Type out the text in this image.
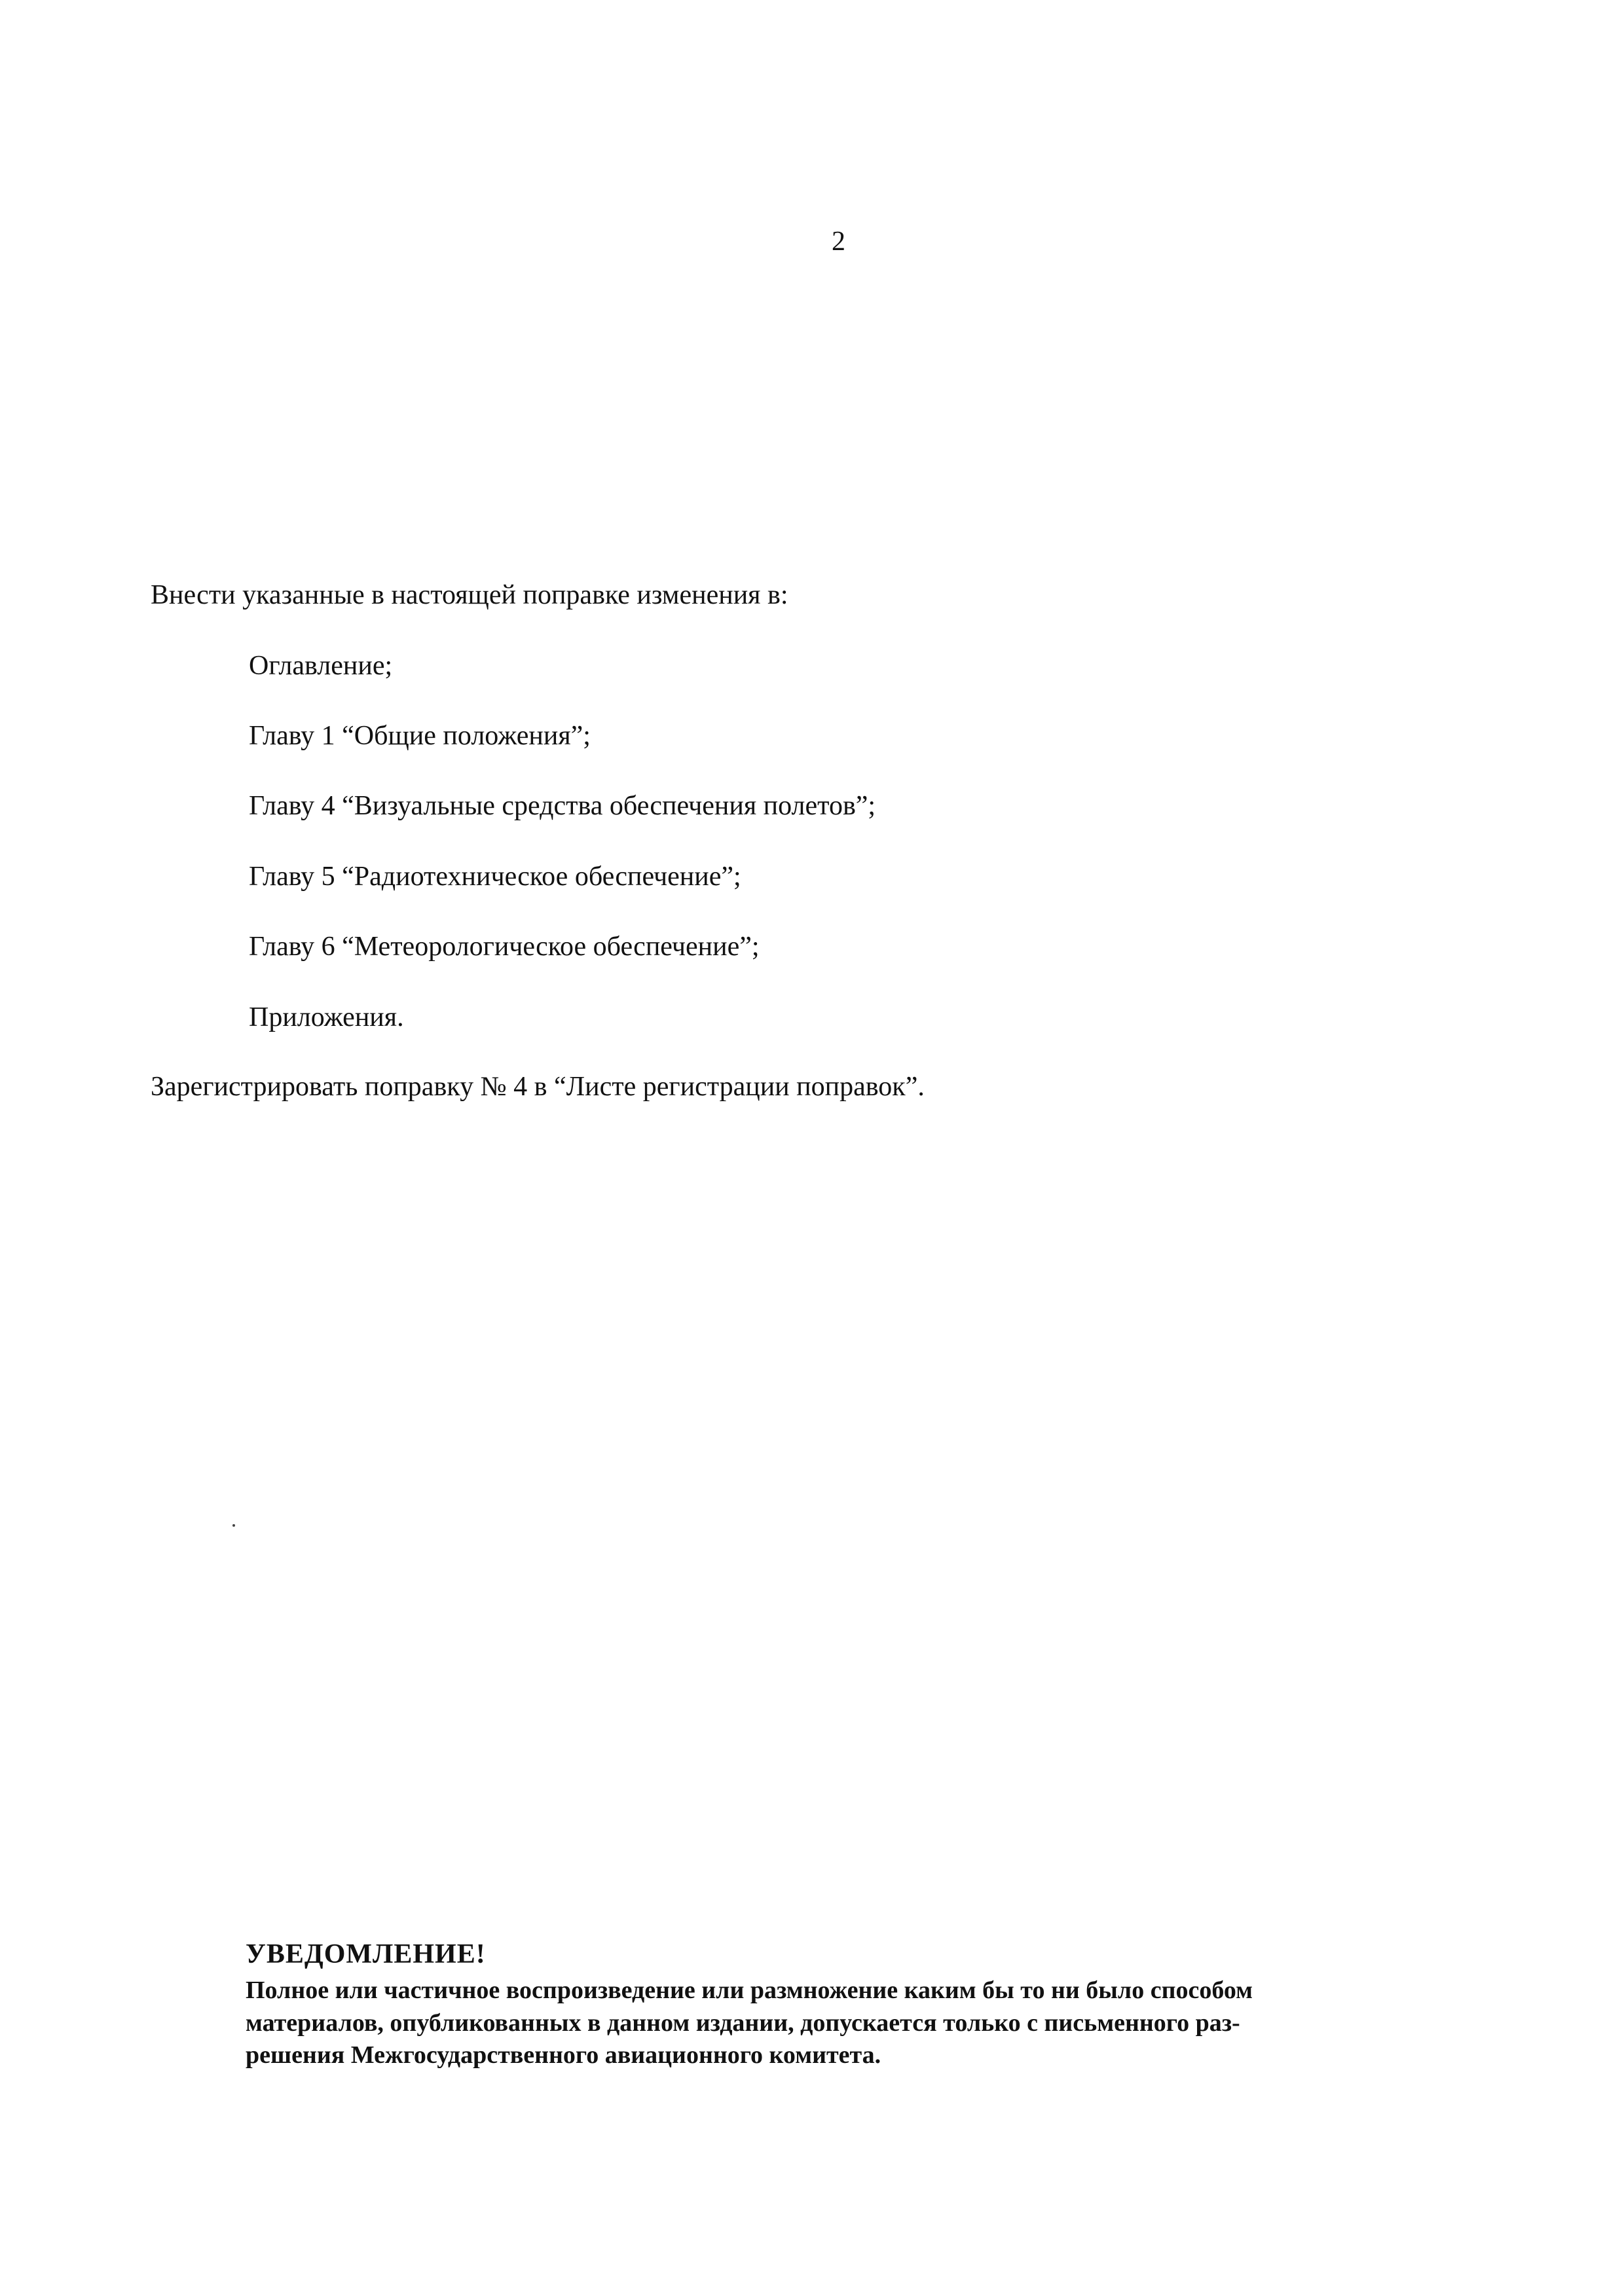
2
Внести указанные в настоящей поправке изменения в:
Оглавление;
Главу 1 “Общие положения”;
Главу 4 “Визуальные средства обеспечения полетов”;
Главу 5 “Радиотехническое обеспечение”;
Главу 6 “Метеорологическое обеспечение”;
Приложения.
Зарегистрировать поправку № 4 в “Листе регистрации поправок”.

УВЕДОМЛЕНИЕ!

Полное или частичное воспроизведение или размножение каким бы то ни было способом

материалов, опубликованных в данном издании, допускается только с письменного раз-

решения Межгосударственного авиационного комитета.
